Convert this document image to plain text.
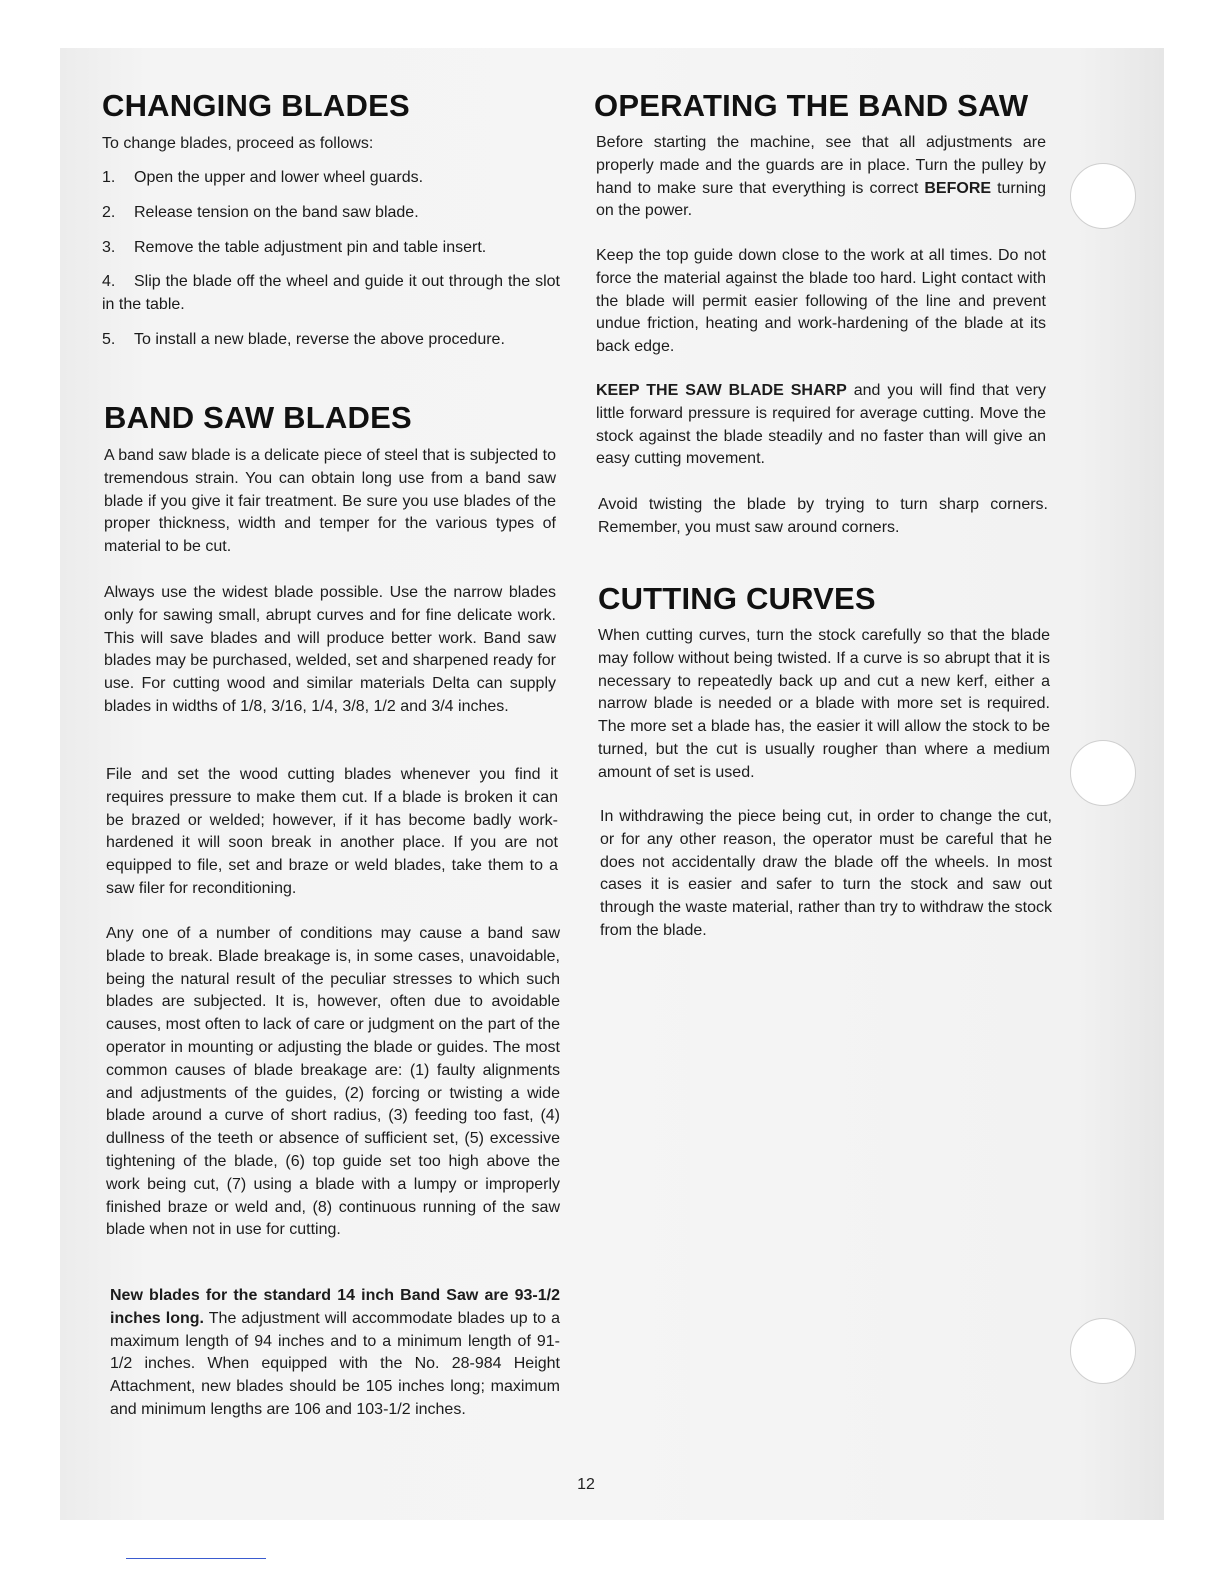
CHANGING BLADES

To change blades, proceed as follows:

1. Open the upper and lower wheel guards.
2. Release tension on the band saw blade.
3. Remove the table adjustment pin and table insert.
4. Slip the blade off the wheel and guide it out through the slot in the table.
5. To install a new blade, reverse the above procedure.
BAND SAW BLADES

A band saw blade is a delicate piece of steel that is subjected to tremendous strain. You can obtain long use from a band saw blade if you give it fair treatment. Be sure you use blades of the proper thickness, width and temper for the various types of material to be cut.

Always use the widest blade possible. Use the narrow blades only for sawing small, abrupt curves and for fine delicate work. This will save blades and will produce better work. Band saw blades may be purchased, welded, set and sharpened ready for use. For cutting wood and similar materials Delta can supply blades in widths of 1/8, 3/16, 1/4, 3/8, 1/2 and 3/4 inches.

File and set the wood cutting blades whenever you find it requires pressure to make them cut. If a blade is broken it can be brazed or welded; however, if it has become badly work-hardened it will soon break in another place. If you are not equipped to file, set and braze or weld blades, take them to a saw filer for reconditioning.

Any one of a number of conditions may cause a band saw blade to break. Blade breakage is, in some cases, unavoidable, being the natural result of the peculiar stresses to which such blades are subjected. It is, however, often due to avoidable causes, most often to lack of care or judgment on the part of the operator in mounting or adjusting the blade or guides. The most common causes of blade breakage are: (1) faulty alignments and adjustments of the guides, (2) forcing or twisting a wide blade around a curve of short radius, (3) feeding too fast, (4) dullness of the teeth or absence of sufficient set, (5) excessive tightening of the blade, (6) top guide set too high above the work being cut, (7) using a blade with a lumpy or improperly finished braze or weld and, (8) continuous running of the saw blade when not in use for cutting.

New blades for the standard 14 inch Band Saw are 93-1/2 inches long. The adjustment will accommodate blades up to a maximum length of 94 inches and to a minimum length of 91-1/2 inches. When equipped with the No. 28-984 Height Attachment, new blades should be 105 inches long; maximum and minimum lengths are 106 and 103-1/2 inches.

OPERATING THE BAND SAW

Before starting the machine, see that all adjustments are properly made and the guards are in place. Turn the pulley by hand to make sure that everything is correct BEFORE turning on the power.

Keep the top guide down close to the work at all times. Do not force the material against the blade too hard. Light contact with the blade will permit easier following of the line and prevent undue friction, heating and work-hardening of the blade at its back edge.

KEEP THE SAW BLADE SHARP and you will find that very little forward pressure is required for average cutting. Move the stock against the blade steadily and no faster than will give an easy cutting movement.

Avoid twisting the blade by trying to turn sharp corners. Remember, you must saw around corners.

CUTTING CURVES

When cutting curves, turn the stock carefully so that the blade may follow without being twisted. If a curve is so abrupt that it is necessary to repeatedly back up and cut a new kerf, either a narrow blade is needed or a blade with more set is required. The more set a blade has, the easier it will allow the stock to be turned, but the cut is usually rougher than where a medium amount of set is used.

In withdrawing the piece being cut, in order to change the cut, or for any other reason, the operator must be careful that he does not accidentally draw the blade off the wheels. In most cases it is easier and safer to turn the stock and saw out through the waste material, rather than try to withdraw the stock from the blade.

12
